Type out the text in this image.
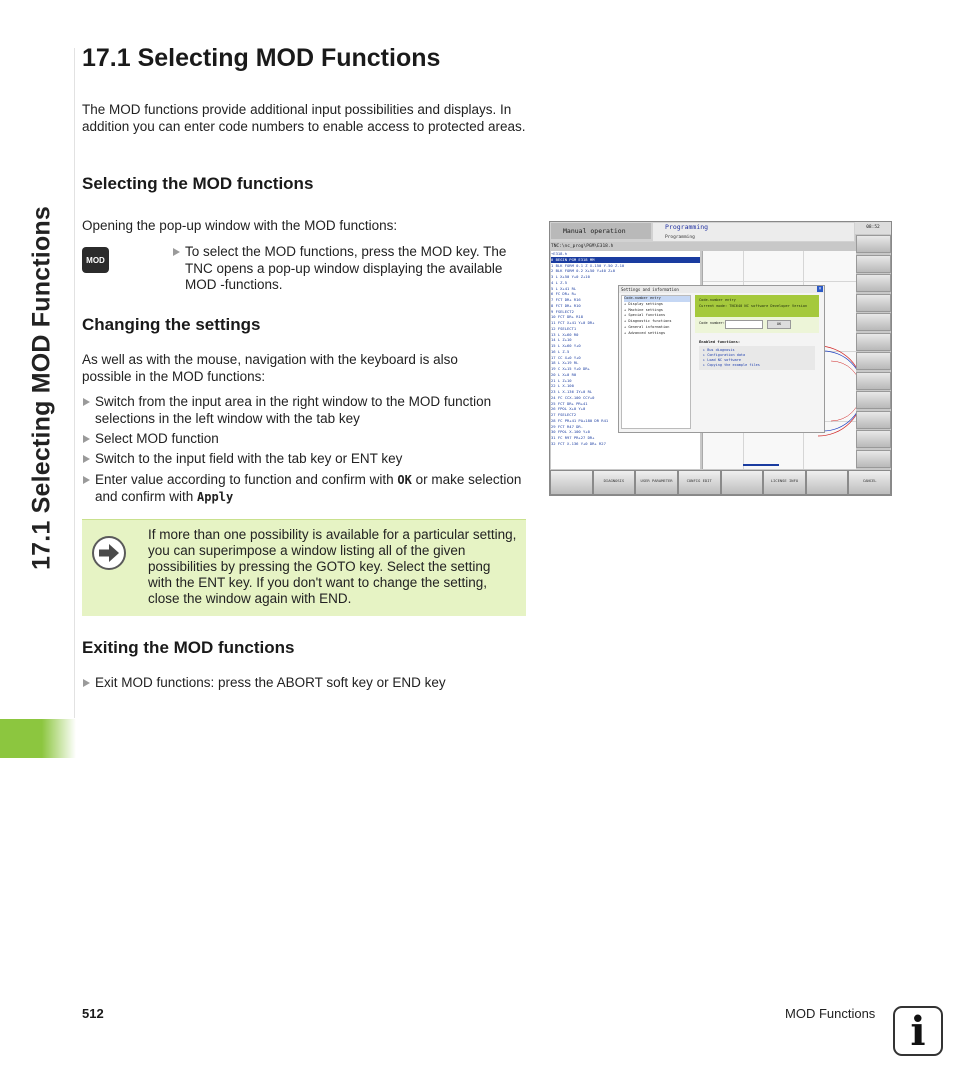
17.1 Selecting MOD Functions
17.1 Selecting MOD Functions

The MOD functions provide additional input possibilities and displays. In addition you can enter code numbers to enable access to protected areas.

Selecting the MOD functions

Opening the pop-up window with the MOD functions:

MOD
To select the MOD functions, press the MOD key. The TNC opens a pop-up window displaying the available MOD -functions.
Changing the settings

As well as with the mouse, navigation with the keyboard is also possible in the MOD functions:

Switch from the input area in the right window to the MOD function selections in the left window with the tab key
Select MOD function
Switch to the input field with the tab key or ENT key
Enter value according to function and confirm with OK or make selection and confirm with Apply
If more than one possibility is available for a particular setting, you can superimpose a window listing all of the given possibilities by pressing the GOTO key. Select the setting with the ENT key. If you don't want to change the setting, close the window again with END.
Exiting the MOD functions
Exit MOD functions: press the ABORT soft key or END key
Manual operation	Programming
Programming
08:52
TNC:\nc_prog\PGM\E318.h
→E318.h
0 BEGIN PGM E318 MM
1 BLK FORM 0.1 Z X-150 Y-50 Z-10
2 BLK FORM 0.2 X+50 Y+40 Z+0
3 L X+50 Y+0 Z+10
4 L Z-5
5 L X+41 RL
6 FC DR+ R+
7 FCT DR+ R16
8 FCT DR+ R10
9 FSELECT2
10 FCT DR+ R18
11 FCT X+41 Y+0 DR+
12 FSELECT1
13 L X+60 R0
14 L Z+10
15 L X+60 Y+0
16 L Z-5
17 CC X+0 Y+0
18 L X+19 RL
19 C X+15 Y+0 DR+
20 L X+0 R0
21 L Z+10
22 L X-100
23 L X-136 IY+0 RL
24 FC CCX-100 CCY+0
25 FCT DR+ PR+41
26 FPOL X+0 Y+0
27 FSELECT2
28 FC PR+41 PA+180 DR R41
29 FCT R47 DR-
30 FPOL X-100 Y+0
31 FC R97 PR+27 DR+
32 FCT X-136 Y+0 DR+ R27
Settings and information	×
Code-number entry
+ Display settings
+ Machine settings
+ Special functions
+ Diagnostic functions
+ General information
+ Advanced settings
Code-number entry
Current mode: TNC640 NC software Developer Version
Code number:	OK
Enabled functions:
▸ Bus diagnosis
▸ Configuration data
▸ Load NC software
▸ Copying the example files
DIAGNOSIS	USER PARAMETER	CONFIG EDIT	LICENSE INFO	CANCEL
512	MOD Functions i
